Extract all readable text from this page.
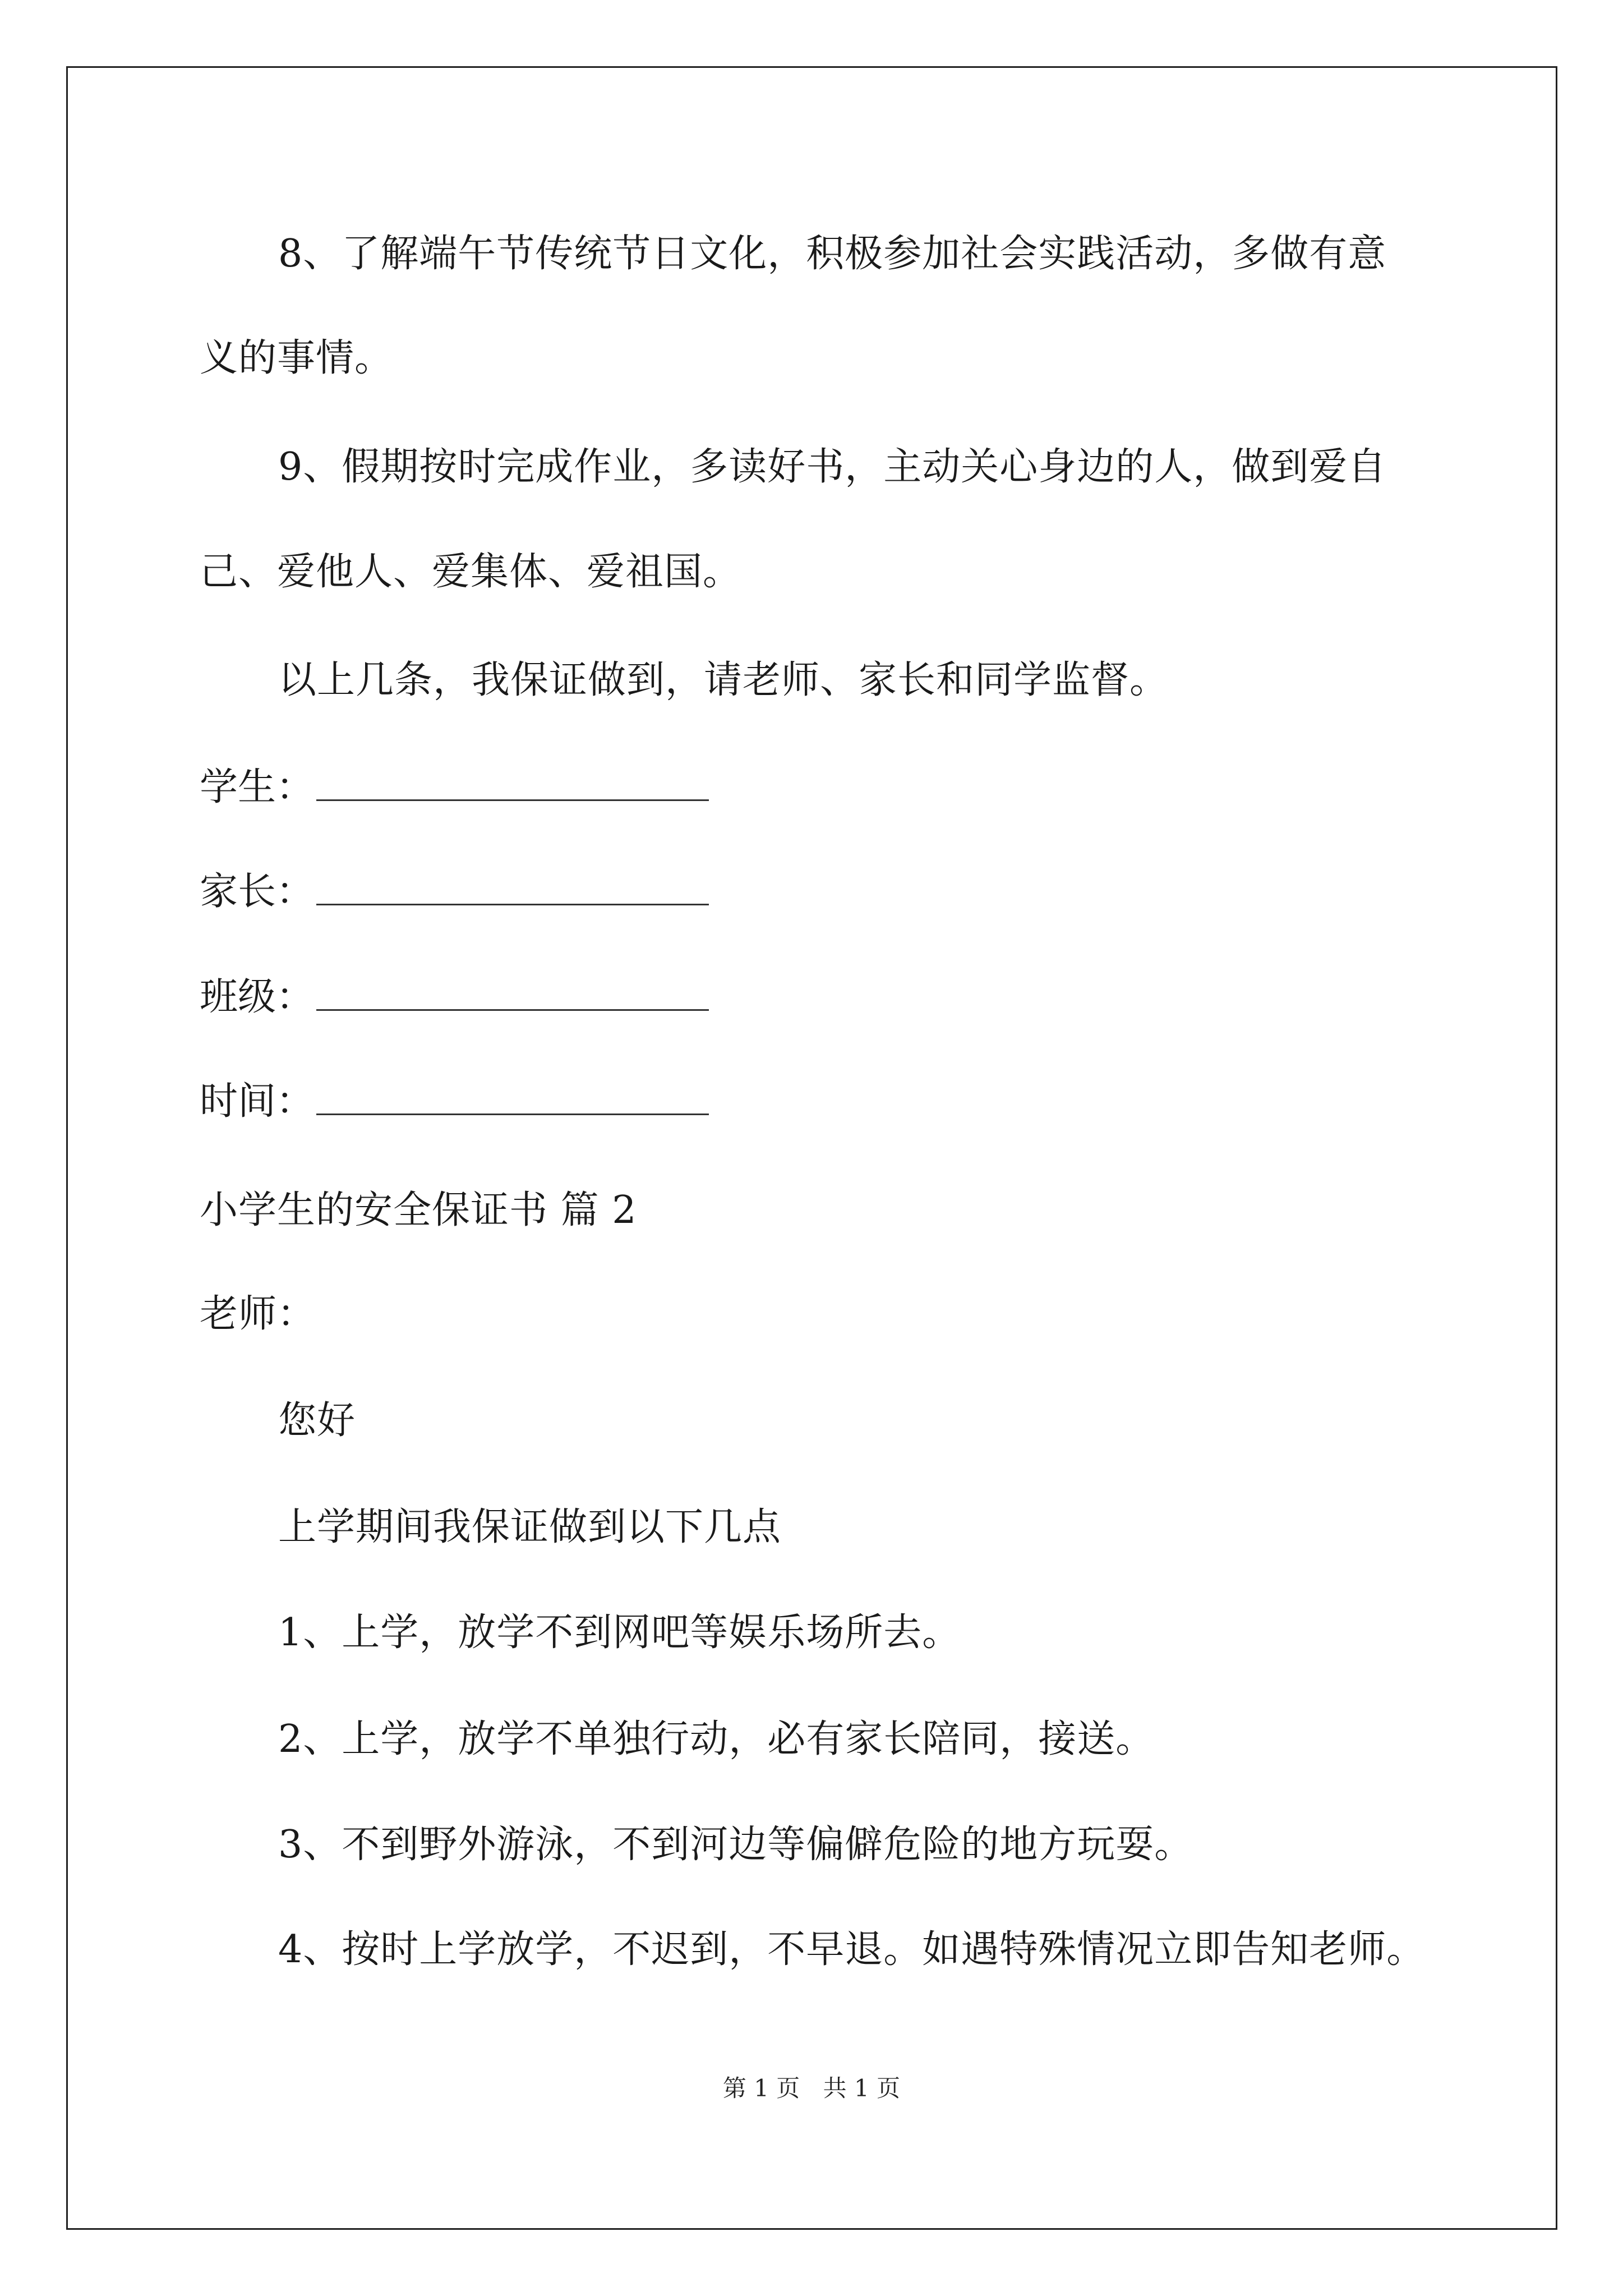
8、了解端午节传统节日文化，积极参加社会实践活动，多做有意
义的事情。
9、假期按时完成作业，多读好书，主动关心身边的人，做到爱自
己、爱他人、爱集体、爱祖国。
以上几条，我保证做到，请老师、家长和同学监督。
学生：
家长：
班级：
时间：
小学生的安全保证书 篇 2
老师：
您好
上学期间我保证做到以下几点
1、上学，放学不到网吧等娱乐场所去。
2、上学，放学不单独行动，必有家长陪同，接送。
3、不到野外游泳，不到河边等偏僻危险的地方玩耍。
4、按时上学放学，不迟到，不早退。如遇特殊情况立即告知老师。
第 1 页 共 1 页
